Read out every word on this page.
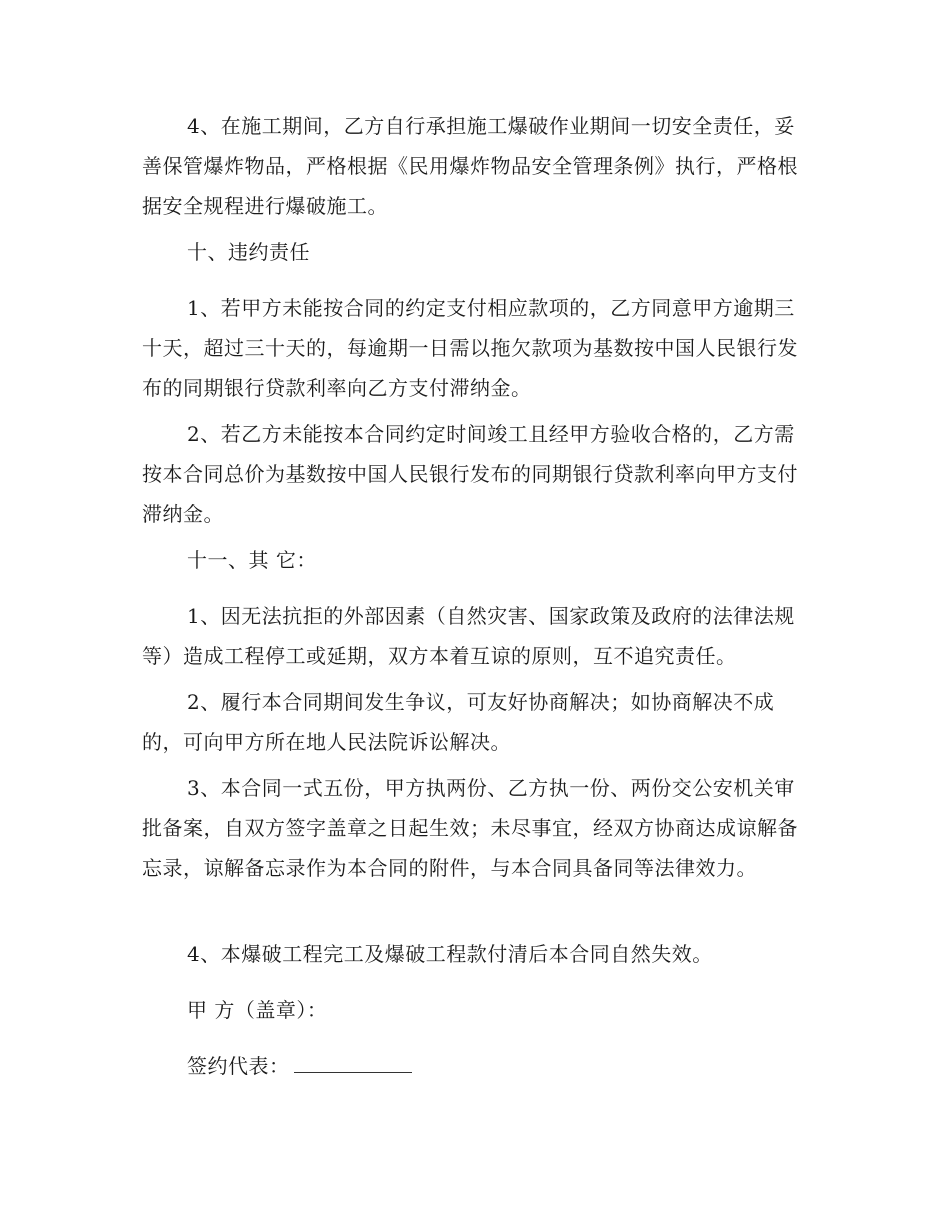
4、在施工期间，乙方自行承担施工爆破作业期间一切安全责任，妥善保管爆炸物品，严格根据《民用爆炸物品安全管理条例》执行，严格根据安全规程进行爆破施工。

十、违约责任

1、若甲方未能按合同的约定支付相应款项的，乙方同意甲方逾期三十天，超过三十天的，每逾期一日需以拖欠款项为基数按中国人民银行发布的同期银行贷款利率向乙方支付滞纳金。

2、若乙方未能按本合同约定时间竣工且经甲方验收合格的，乙方需按本合同总价为基数按中国人民银行发布的同期银行贷款利率向甲方支付滞纳金。

十一、其 它：

1、因无法抗拒的外部因素（自然灾害、国家政策及政府的法律法规等）造成工程停工或延期，双方本着互谅的原则，互不追究责任。

2、履行本合同期间发生争议，可友好协商解决；如协商解决不成的，可向甲方所在地人民法院诉讼解决。

3、本合同一式五份，甲方执两份、乙方执一份、两份交公安机关审批备案，自双方签字盖章之日起生效；未尽事宜，经双方协商达成谅解备忘录，谅解备忘录作为本合同的附件，与本合同具备同等法律效力。

4、本爆破工程完工及爆破工程款付清后本合同自然失效。

甲 方（盖章）：

签约代表：
